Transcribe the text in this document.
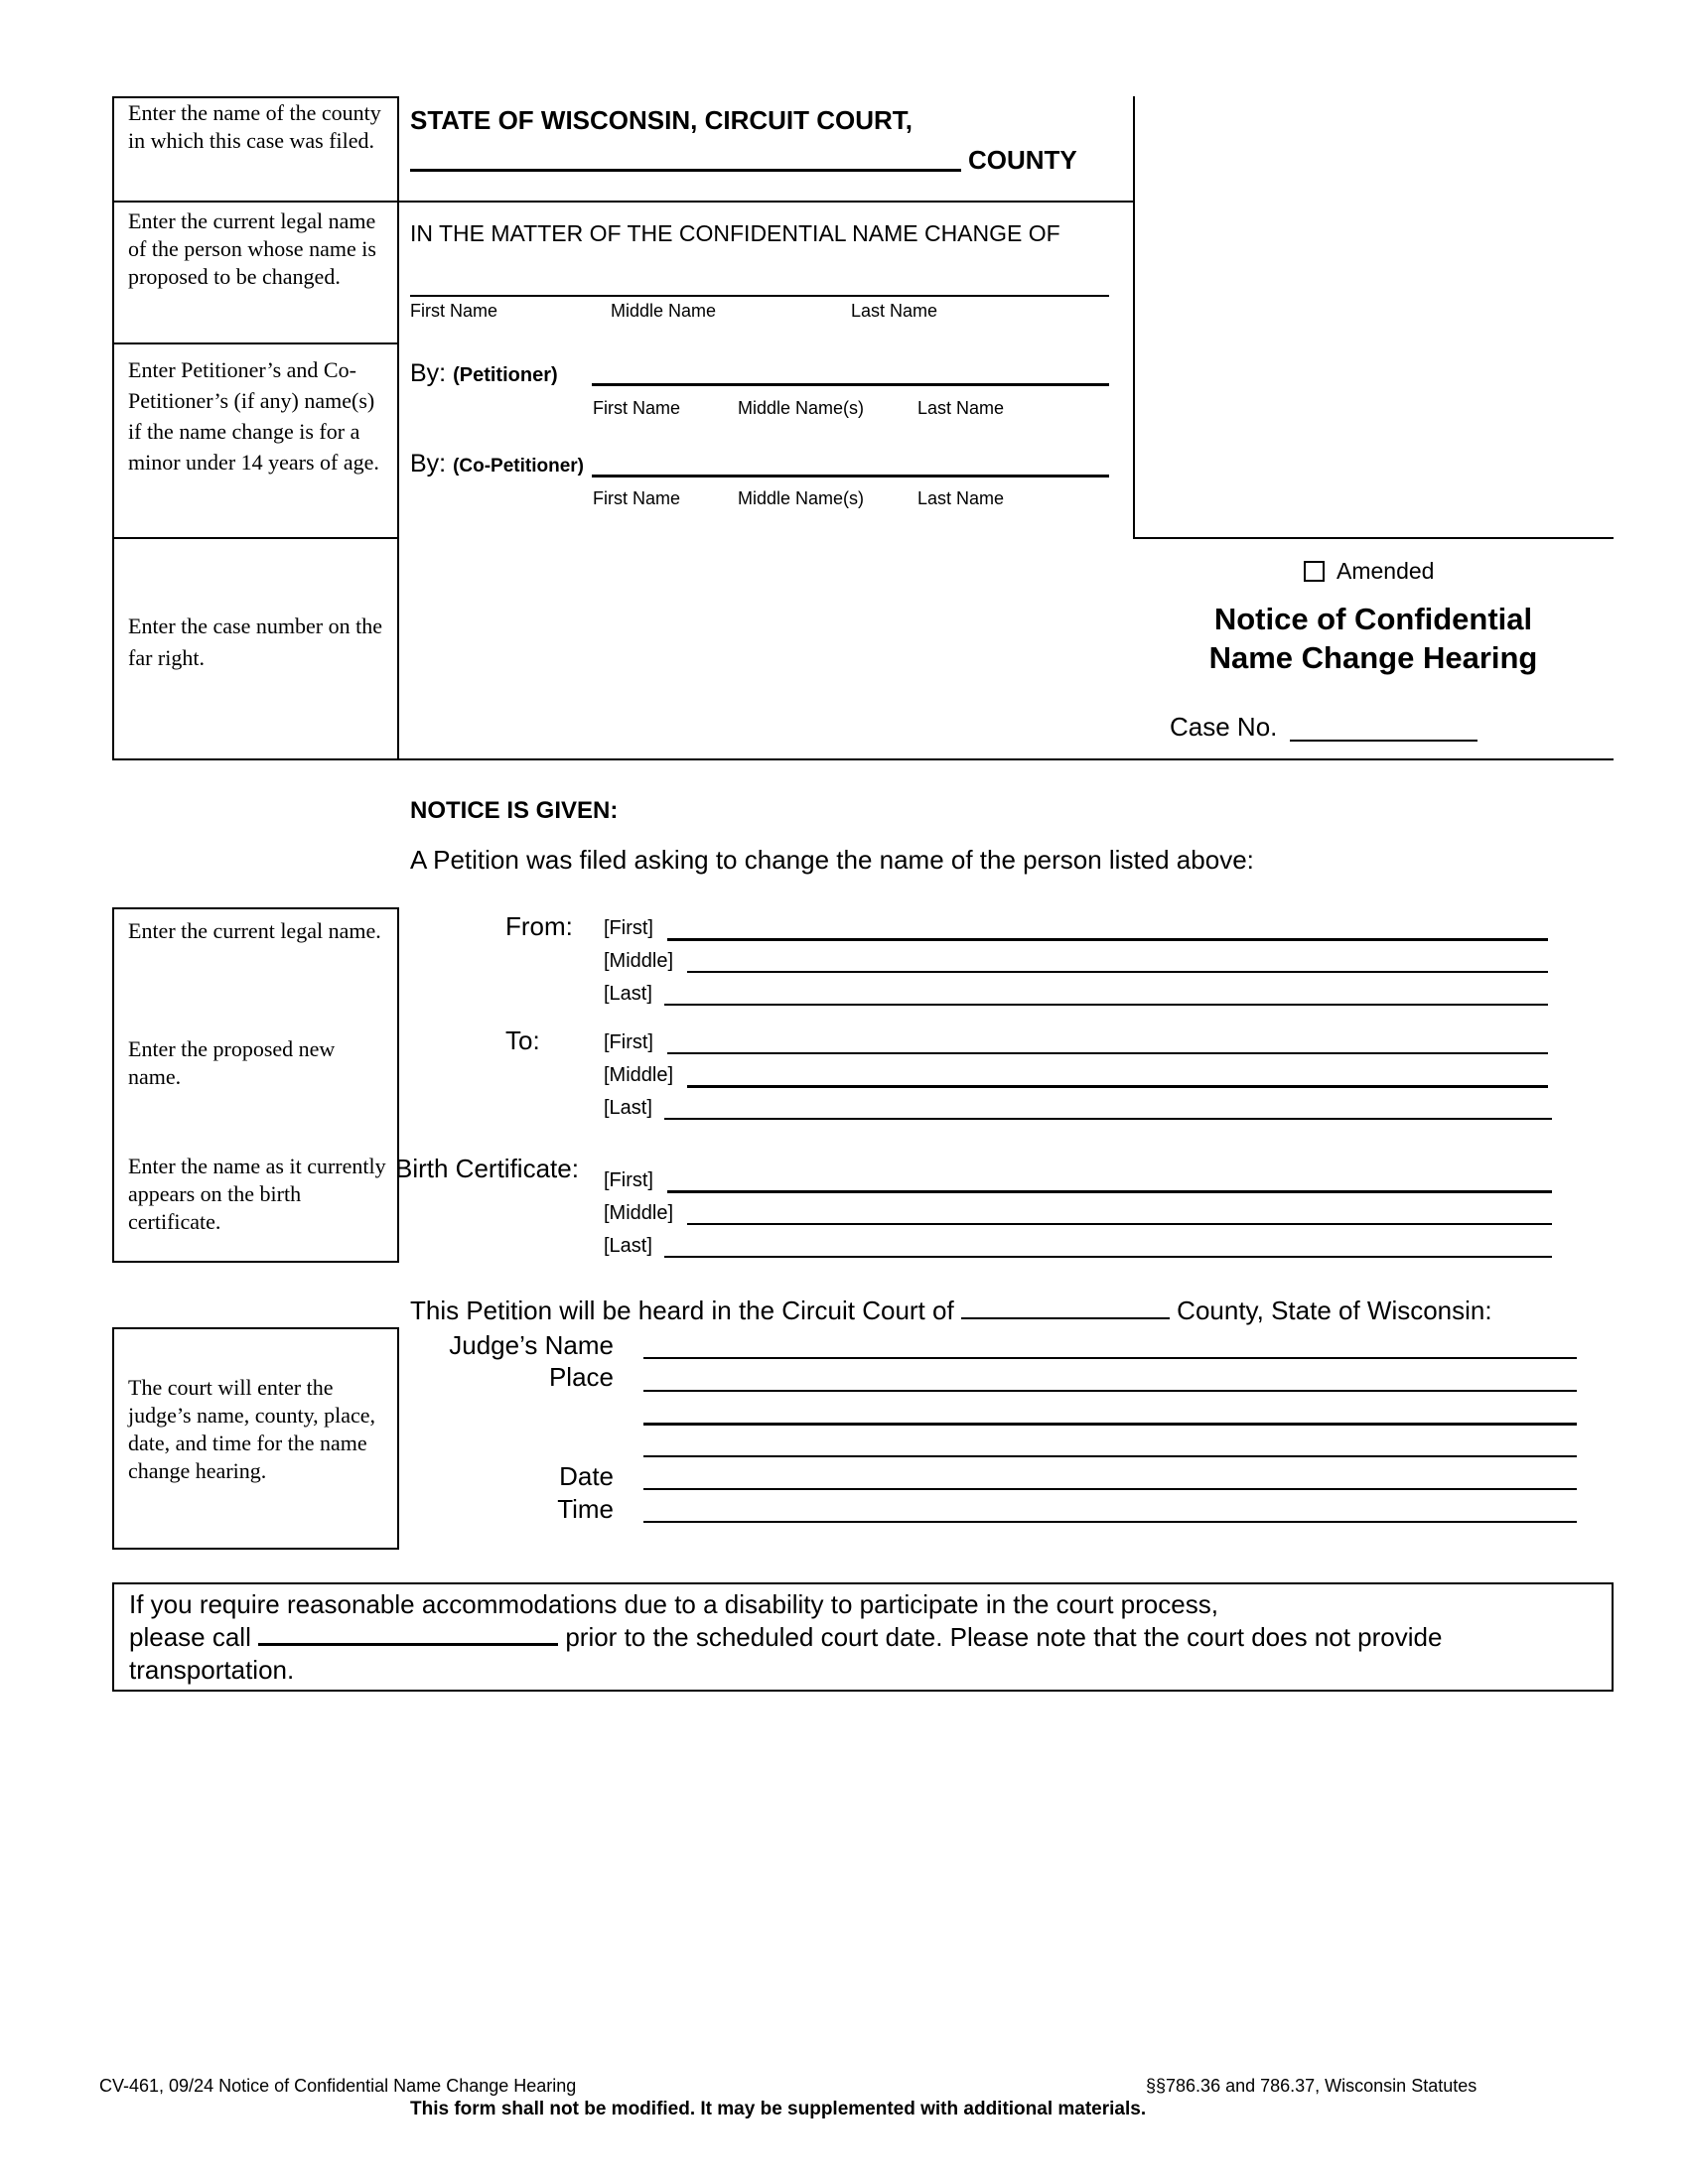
Enter the name of the county in which this case was filed.
Enter the current legal name of the person whose name is proposed to be changed.
Enter Petitioner’s and Co-Petitioner’s (if any) name(s) if the name change is for a minor under 14 years of age.
Enter the case number on the far right.
STATE OF WISCONSIN, CIRCUIT COURT,
COUNTY
IN THE MATTER OF THE CONFIDENTIAL NAME CHANGE OF
First Name	Middle Name	Last Name
By: (Petitioner)
First Name	Middle Name(s)	Last Name
By: (Co-Petitioner)
First Name	Middle Name(s)	Last Name
Amended
Notice of Confidential
Name Change Hearing
Case No.
NOTICE IS GIVEN:
A Petition was filed asking to change the name of the person listed above:
Enter the current legal name.
Enter the proposed new name.
Enter the name as it currently appears on the birth certificate.
From: [First]
[Middle]
[Last]
To:	[First]
[Middle]
[Last]
Birth Certificate: [First]
[Middle]
[Last]
This Petition will be heard in the Circuit Court of	County, State of Wisconsin:
The court will enter the judge’s name, county, place, date, and time for the name change hearing.
Judge’s Name
Place
Date
Time
If you require reasonable accommodations due to a disability to participate in the court process,
please call	prior to the scheduled court date. Please note that the court does not provide
transportation.
CV-461, 09/24 Notice of Confidential Name Change Hearing	§§786.36 and 786.37, Wisconsin Statutes
This form shall not be modified. It may be supplemented with additional materials.
